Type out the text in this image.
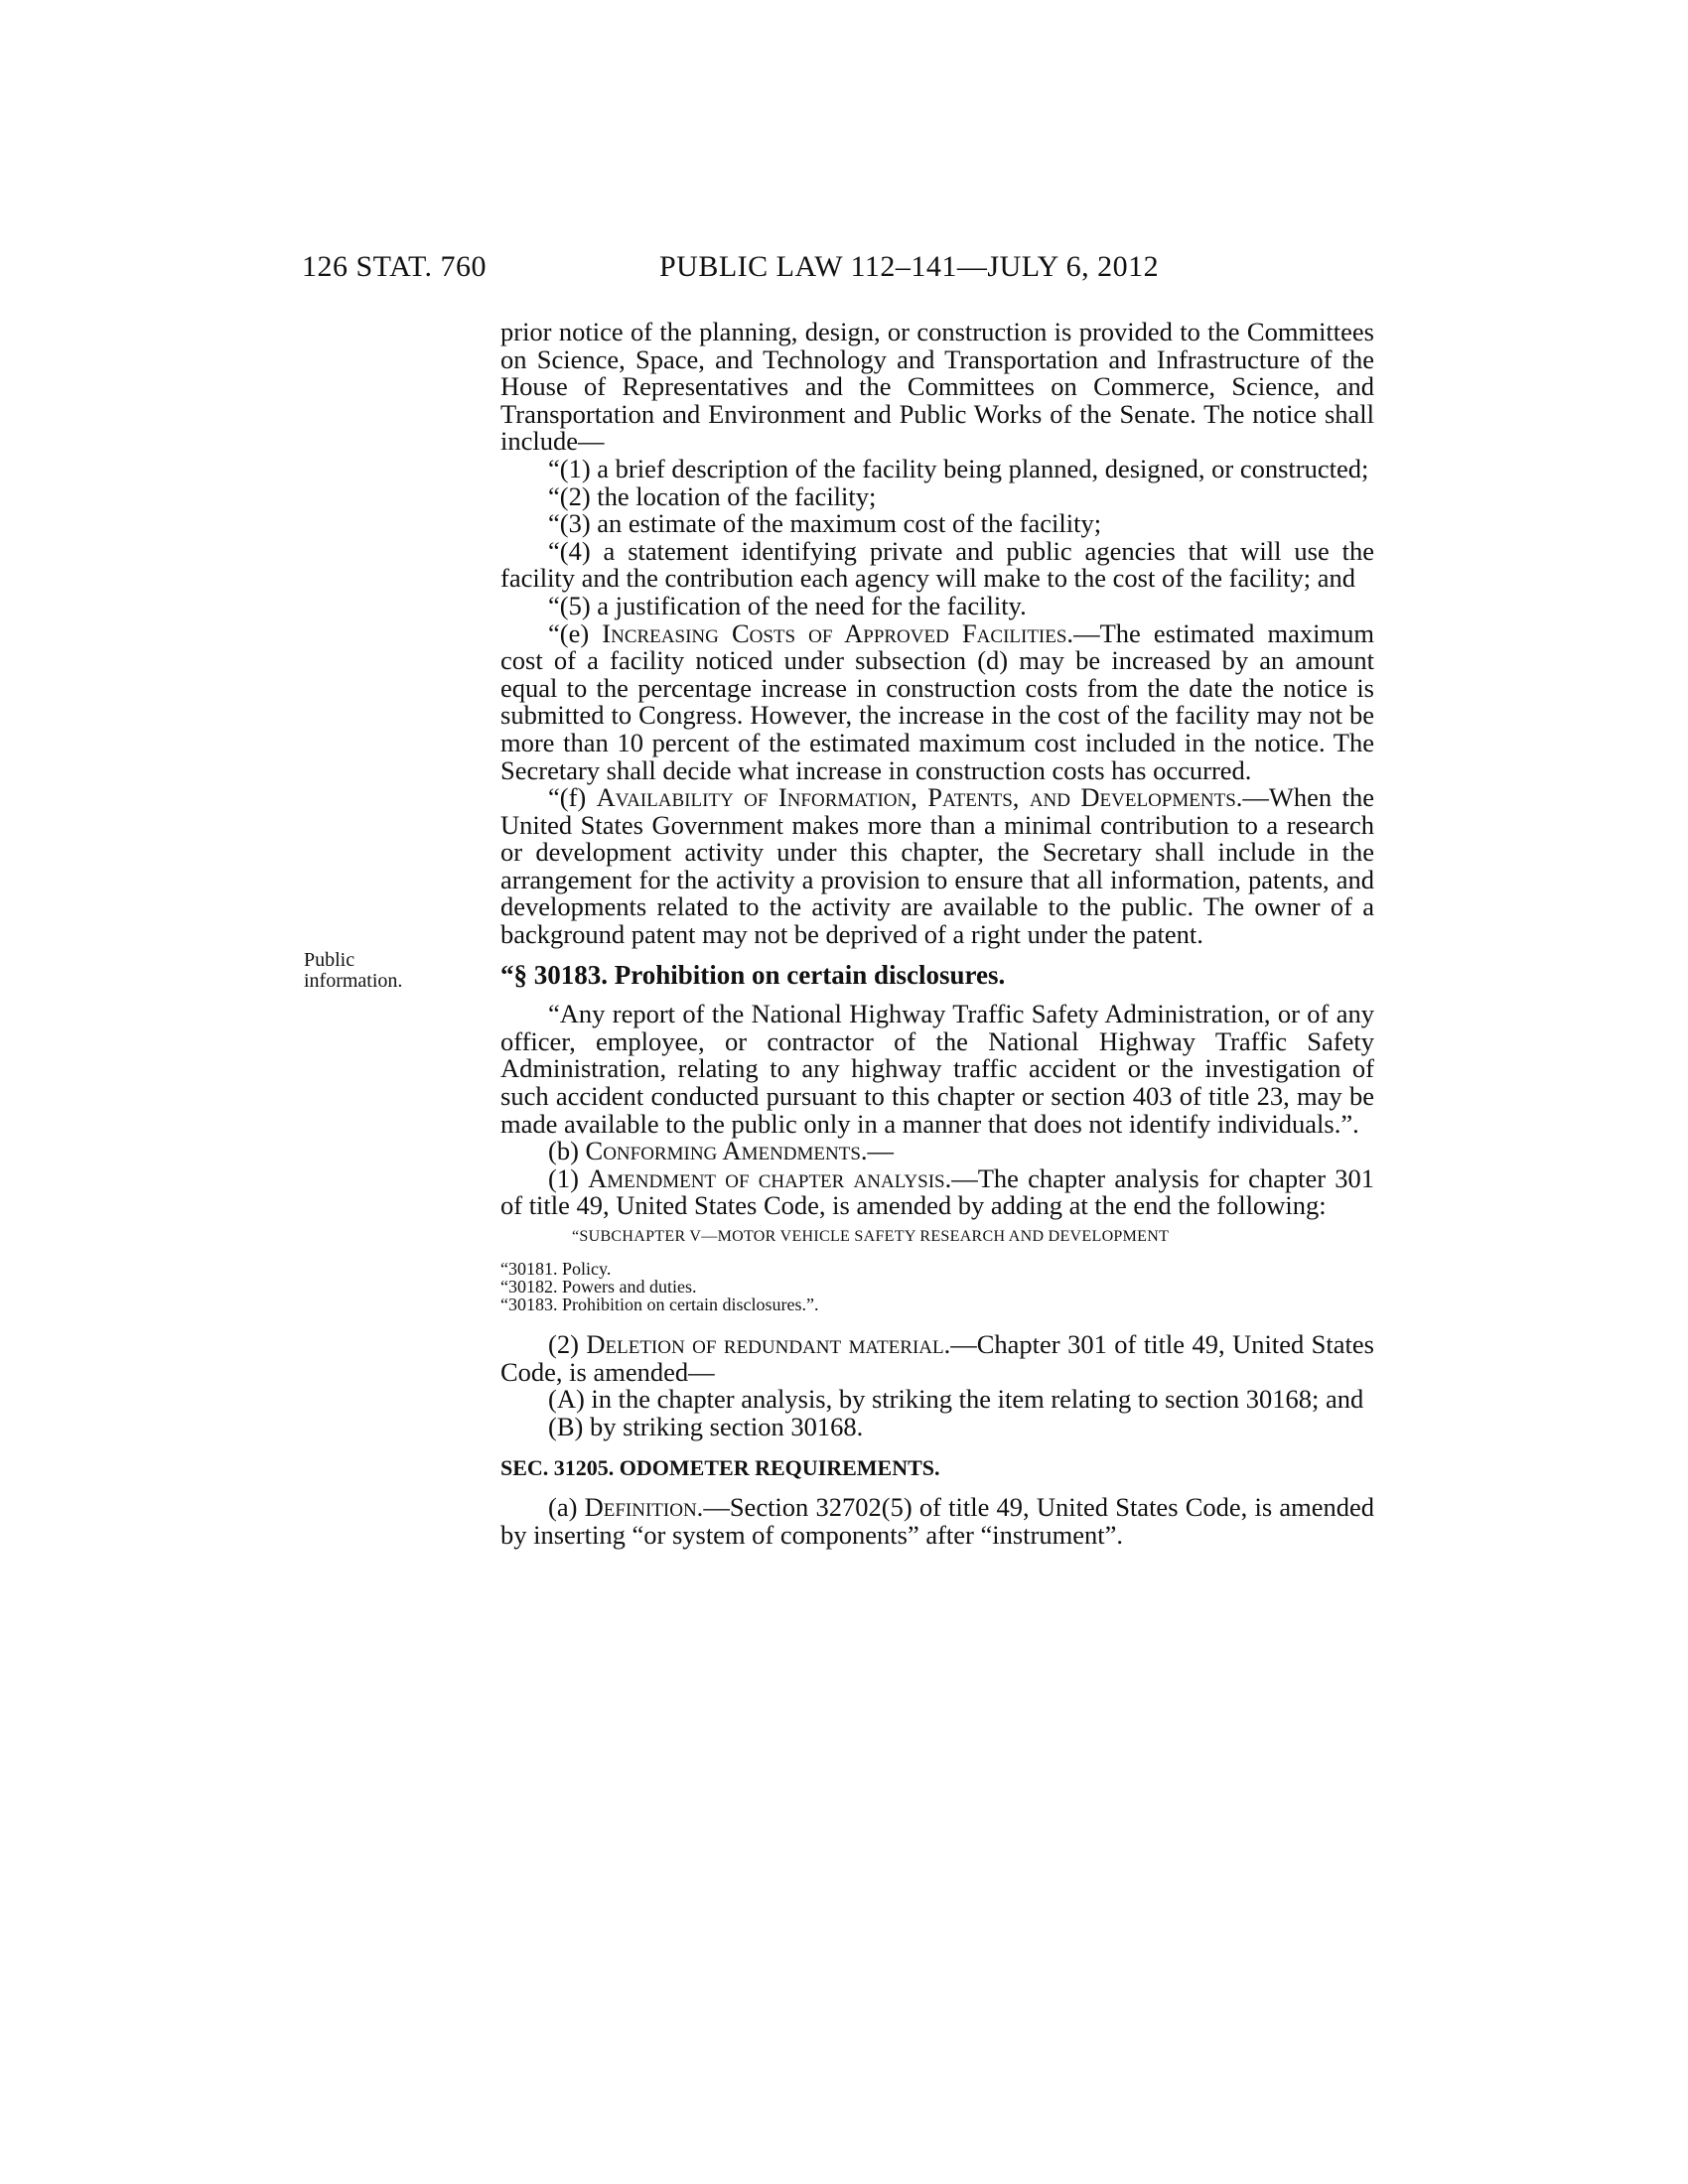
126 STAT. 760	PUBLIC LAW 112–141—JULY 6, 2012
Public
information.

prior notice of the planning, design, or construction is provided to the Committees on Science, Space, and Technology and Transportation and Infrastructure of the House of Representatives and the Committees on Commerce, Science, and Transportation and Environment and Public Works of the Senate. The notice shall include—

“(1) a brief description of the facility being planned, designed, or constructed;

“(2) the location of the facility;

“(3) an estimate of the maximum cost of the facility;

“(4) a statement identifying private and public agencies that will use the facility and the contribution each agency will make to the cost of the facility; and

“(5) a justification of the need for the facility.

“(e) Increasing Costs of Approved Facilities.—The estimated maximum cost of a facility noticed under subsection (d) may be increased by an amount equal to the percentage increase in construction costs from the date the notice is submitted to Congress. However, the increase in the cost of the facility may not be more than 10 percent of the estimated maximum cost included in the notice. The Secretary shall decide what increase in construction costs has occurred.

“(f) Availability of Information, Patents, and Developments.—When the United States Government makes more than a minimal contribution to a research or development activity under this chapter, the Secretary shall include in the arrangement for the activity a provision to ensure that all information, patents, and developments related to the activity are available to the public. The owner of a background patent may not be deprived of a right under the patent.

“§ 30183. Prohibition on certain disclosures.

“Any report of the National Highway Traffic Safety Administration, or of any officer, employee, or contractor of the National Highway Traffic Safety Administration, relating to any highway traffic accident or the investigation of such accident conducted pursuant to this chapter or section 403 of title 23, may be made available to the public only in a manner that does not identify individuals.”.

(b) Conforming Amendments.—

(1) Amendment of chapter analysis.—The chapter analysis for chapter 301 of title 49, United States Code, is amended by adding at the end the following:

“SUBCHAPTER V—MOTOR VEHICLE SAFETY RESEARCH AND DEVELOPMENT

“30181. Policy.

“30182. Powers and duties.

“30183. Prohibition on certain disclosures.”.

(2) Deletion of redundant material.—Chapter 301 of title 49, United States Code, is amended—

(A) in the chapter analysis, by striking the item relating to section 30168; and

(B) by striking section 30168.

SEC. 31205. ODOMETER REQUIREMENTS.

(a) Definition.—Section 32702(5) of title 49, United States Code, is amended by inserting “or system of components” after “instrument”.
